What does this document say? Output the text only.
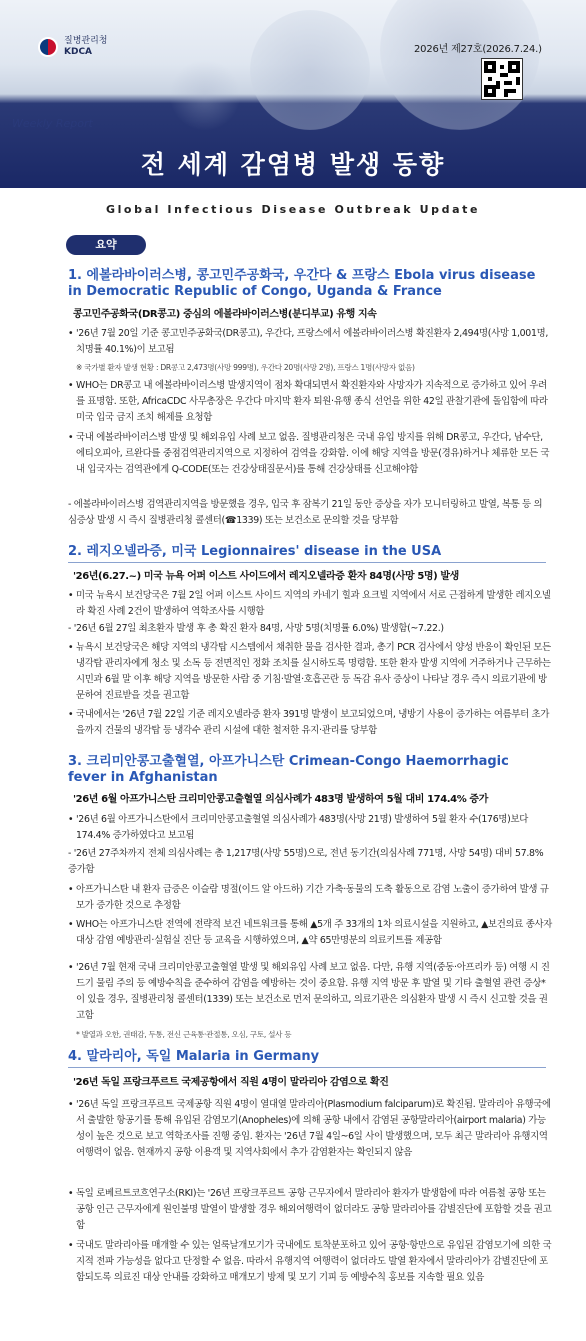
질병관리청
KDCA	2026년 제27호(2026.7.24.)
Weekly Report
전 세계 감염병 발생 동향
Global Infectious Disease Outbreak Update
요약
1. 에볼라바이러스병, 콩고민주공화국, 우간다 & 프랑스 Ebola virus disease in Democratic Republic of Congo, Uganda & France
콩고민주공화국(DR콩고) 중심의 에볼라바이러스병(분디부교) 유행 지속
• '26년 7월 20일 기준 콩고민주공화국(DR콩고), 우간다, 프랑스에서 에볼라바이러스병 확진환자 2,494명(사망 1,001명, 치명률 40.1%)이 보고됨
※ 국가별 환자 발생 현황 : DR콩고 2,473명(사망 999명), 우간다 20명(사망 2명), 프랑스 1명(사망자 없음)
• WHO는 DR콩고 내 에볼라바이러스병 발생지역이 점차 확대되면서 확진환자와 사망자가 지속적으로 증가하고 있어 우려를 표명함. 또한, AfricaCDC 사무총장은 우간다 마지막 환자 퇴원·유행 종식 선언을 위한 42일 관찰기관에 돌입함에 따라 미국 입국 금지 조치 해제를 요청함
• 국내 에볼라바이러스병 발생 및 해외유입 사례 보고 없음. 질병관리청은 국내 유입 방지를 위해 DR콩고, 우간다, 남수단, 에티오피아, 르완다를 중점검역관리지역으로 지정하여 검역을 강화함. 이에 해당 지역을 방문(경유)하거나 체류한 모든 국내 입국자는 검역관에게 Q-CODE(또는 건강상태질문서)를 통해 건강상태를 신고해야함
- 에볼라바이러스병 검역관리지역을 방문했을 경우, 입국 후 잠복기 21일 동안 증상을 자가 모니터링하고 발열, 복통 등 의심증상 발생 시 즉시 질병관리청 콜센터(☎1339) 또는 보건소로 문의할 것을 당부함
2. 레지오넬라증, 미국 Legionnaires' disease in the USA
'26년(6.27.~) 미국 뉴욕 어퍼 이스트 사이드에서 레지오넬라증 환자 84명(사망 5명) 발생
• 미국 뉴욕시 보건당국은 7월 2일 어퍼 이스트 사이드 지역의 카네기 힐과 요크빌 지역에서 서로 근접하게 발생한 레지오넬라 확진 사례 2건이 발생하여 역학조사를 시행함
- '26년 6월 27일 최초환자 발생 후 총 확진 환자 84명, 사망 5명(치명률 6.0%) 발생함(~7.22.)
• 뉴욕시 보건당국은 해당 지역의 냉각탑 시스템에서 채취한 물을 검사한 결과, 총기 PCR 검사에서 양성 반응이 확인된 모든 냉각탑 관리자에게 청소 및 소독 등 전면적인 정화 조치를 실시하도록 명령함. 또한 환자 발생 지역에 거주하거나 근무하는 시민과 6월 말 이후 해당 지역을 방문한 사람 중 기침·발열·호흡곤란 등 독감 유사 증상이 나타날 경우 즉시 의료기관에 방문하여 진료받을 것을 권고함
• 국내에서는 '26년 7월 22일 기준 레지오넬라증 환자 391명 발생이 보고되었으며, 냉방기 사용이 증가하는 여름부터 초가을까지 건물의 냉각탑 등 냉각수 관리 시설에 대한 철저한 유지·관리를 당부함
3. 크리미안콩고출혈열, 아프가니스탄 Crimean-Congo Haemorrhagic fever in Afghanistan
'26년 6월 아프가니스탄 크리미안콩고출혈열 의심사례가 483명 발생하여 5월 대비 174.4% 증가
• '26년 6월 아프가니스탄에서 크리미안콩고출혈열 의심사례가 483명(사망 21명) 발생하여 5월 환자 수(176명)보다 174.4% 증가하였다고 보고됨
- '26년 27주차까지 전체 의심사례는 총 1,217명(사망 55명)으로, 전년 동기간(의심사례 771명, 사망 54명) 대비 57.8% 증가함
• 아프가니스탄 내 환자 급증은 이슬람 명절(이드 알 아드하) 기간 가축·동물의 도축 활동으로 감염 노출이 증가하여 발생 규모가 증가한 것으로 추정함
• WHO는 아프가니스탄 전역에 전략적 보건 네트워크를 통해 ▲5개 주 33개의 1차 의료시설을 지원하고, ▲보건의료 종사자 대상 감염 예방관리·실험실 진단 등 교육을 시행하였으며, ▲약 65만명분의 의료키트를 제공함
• '26년 7월 현재 국내 크리미안콩고출혈열 발생 및 해외유입 사례 보고 없음. 다만, 유행 지역(중동·아프리카 등) 여행 시 진드기 물림 주의 등 예방수칙을 준수하여 감염을 예방하는 것이 중요함. 유행 지역 방문 후 발열 및 기타 출혈열 관련 증상*이 있을 경우, 질병관리청 콜센터(1339) 또는 보건소로 먼저 문의하고, 의료기관은 의심환자 발생 시 즉시 신고할 것을 권고함
* 발열과 오한, 권태감, 두통, 전신 근육통·관절통, 오심, 구토, 설사 등
4. 말라리아, 독일 Malaria in Germany
'26년 독일 프랑크푸르트 국제공항에서 직원 4명이 말라리아 감염으로 확진
• '26년 독일 프랑크푸르트 국제공항 직원 4명이 열대열 말라리아(Plasmodium falciparum)로 확진됨. 말라리아 유행국에서 출발한 항공기를 통해 유입된 감염모기(Anopheles)에 의해 공항 내에서 감염된 공항말라리아(airport malaria) 가능성이 높은 것으로 보고 역학조사를 진행 중임. 환자는 '26년 7월 4일~6일 사이 발생했으며, 모두 최근 말라리아 유행지역 여행력이 없음. 현재까지 공항 이용객 및 지역사회에서 추가 감염환자는 확인되지 않음
• 독일 로베르트코흐연구소(RKI)는 '26년 프랑크푸르트 공항 근무자에서 말라리아 환자가 발생함에 따라 여름철 공항 또는 공항 인근 근무자에게 원인불명 발열이 발생할 경우 해외여행력이 없더라도 공항 말라리아를 감별진단에 포함할 것을 권고함
• 국내도 말라리아를 매개할 수 있는 얼룩날개모기가 국내에도 토착분포하고 있어 공항·항만으로 유입된 감염모기에 의한 국지적 전파 가능성을 없다고 단정할 수 없음. 따라서 유행지역 여행력이 없더라도 발열 환자에서 말라리아가 감별진단에 포함되도록 의료진 대상 안내를 강화하고 매개모기 방제 및 모기 기피 등 예방수칙 홍보를 지속할 필요 있음
